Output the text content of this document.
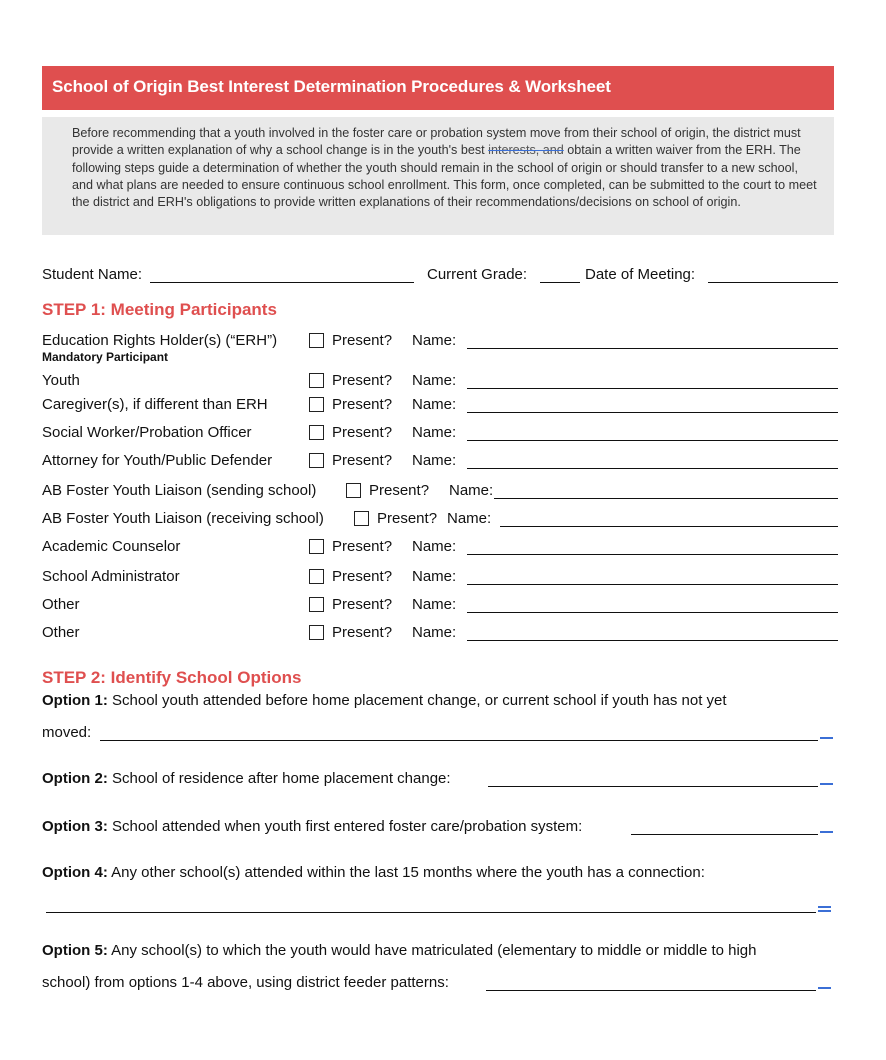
School of Origin Best Interest Determination Procedures & Worksheet

Before recommending that a youth involved in the foster care or probation system move from their school of origin, the district must provide a written explanation of why a school change is in the youth's best interests, and obtain a written waiver from the ERH. The following steps guide a determination of whether the youth should remain in the school of origin or should transfer to a new school, and what plans are needed to ensure continuous school enrollment. This form, once completed, can be submitted to the court to meet the district and ERH's obligations to provide written explanations of their recommendations/decisions on school of origin.

Student Name:	Current Grade:	Date of Meeting:
STEP 1: Meeting Participants
Education Rights Holder(s) (“ERH”)	Present? Name:
Mandatory Participant
Youth	Present? Name:
Caregiver(s), if different than ERH	Present? Name:
Social Worker/Probation Officer	Present? Name:
Attorney for Youth/Public Defender	Present? Name:
AB Foster Youth Liaison (sending school)	Present? Name:
AB Foster Youth Liaison (receiving school)	Present? Name:
Academic Counselor	Present? Name:
School Administrator	Present? Name:
Other	Present? Name:
Other	Present? Name:
STEP 2: Identify School Options
Option 1: School youth attended before home placement change, or current school if youth has not yet
moved:
Option 2: School of residence after home placement change:
Option 3: School attended when youth first entered foster care/probation system:
Option 4: Any other school(s) attended within the last 15 months where the youth has a connection:
Option 5: Any school(s) to which the youth would have matriculated (elementary to middle or middle to high
school) from options 1-4 above, using district feeder patterns:
